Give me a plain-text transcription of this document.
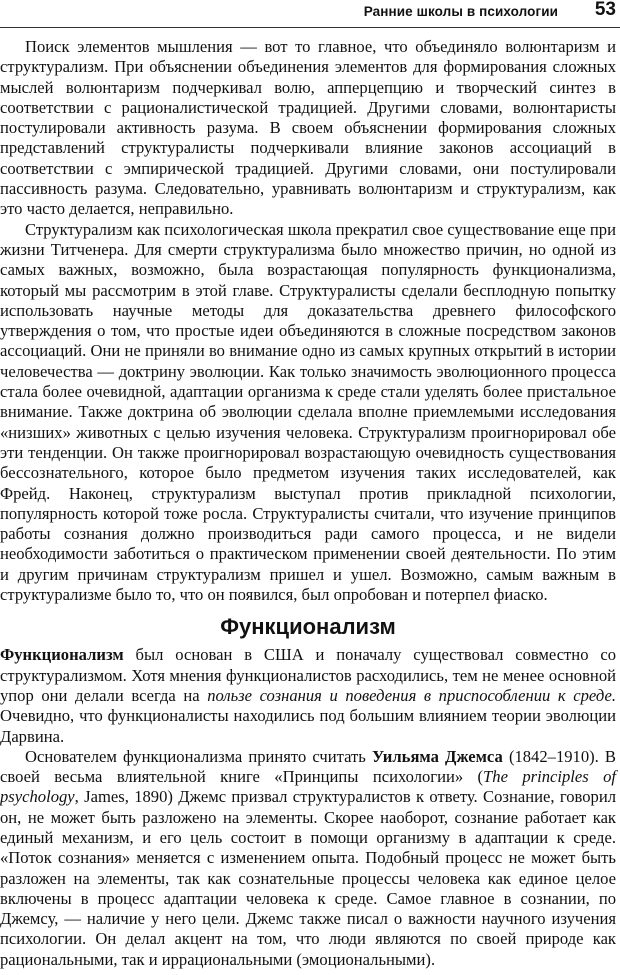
Ранние школы в психологии 53

Поиск элементов мышления — вот то главное, что объединяло волюнтаризм и структурализм. При объяснении объединения элементов для формирования сложных мыслей волюнтаризм подчеркивал волю, апперцепцию и творческий синтез в соответствии с рационалистической традицией. Другими словами, волюнтаристы постулировали активность разума. В своем объяснении формирования сложных представлений структуралисты подчеркивали влияние законов ассоциаций в соответствии с эмпирической традицией. Другими словами, они постулировали пассивность разума. Следовательно, уравнивать волюнтаризм и структурализм, как это часто делается, неправильно.

Структурализм как психологическая школа прекратил свое существование еще при жизни Титченера. Для смерти структурализма было множество причин, но одной из самых важных, возможно, была возрастающая популярность функционализма, который мы рассмотрим в этой главе. Структуралисты сделали бесплодную попытку использовать научные методы для доказательства древнего философского утверждения о том, что простые идеи объединяются в сложные посредством законов ассоциаций. Они не приняли во внимание одно из самых крупных открытий в истории человечества — доктрину эволюции. Как только значимость эволюционного процесса стала более очевидной, адаптации организма к среде стали уделять более пристальное внимание. Также доктрина об эволюции сделала вполне приемлемыми исследования «низших» животных с целью изучения человека. Структурализм проигнорировал обе эти тенденции. Он также проигнорировал возрастающую очевидность существования бессознательного, которое было предметом изучения таких исследователей, как Фрейд. Наконец, структурализм выступал против прикладной психологии, популярность которой тоже росла. Структуралисты считали, что изучение принципов работы сознания должно производиться ради самого процесса, и не видели необходимости заботиться о практическом применении своей деятельности. По этим и другим причинам структурализм пришел и ушел. Возможно, самым важным в структурализме было то, что он появился, был опробован и потерпел фиаско.

Функционализм

Функционализм был основан в США и поначалу существовал совместно со структурализмом. Хотя мнения функционалистов расходились, тем не менее основной упор они делали всегда на пользе сознания и поведения в приспособлении к среде. Очевидно, что функционалисты находились под большим влиянием теории эволюции Дарвина.

Основателем функционализма принято считать Уильяма Джемса (1842–1910). В своей весьма влиятельной книге «Принципы психологии» (The principles of psychology, James, 1890) Джемс призвал структуралистов к ответу. Сознание, говорил он, не может быть разложено на элементы. Скорее наоборот, сознание работает как единый механизм, и его цель состоит в помощи организму в адаптации к среде. «Поток сознания» меняется с изменением опыта. Подобный процесс не может быть разложен на элементы, так как сознательные процессы человека как единое целое включены в процесс адаптации человека к среде. Самое главное в сознании, по Джемсу, — наличие у него цели. Джемс также писал о важности научного изучения психологии. Он делал акцент на том, что люди являются по своей природе как рациональными, так и иррациональными (эмоциональными).
